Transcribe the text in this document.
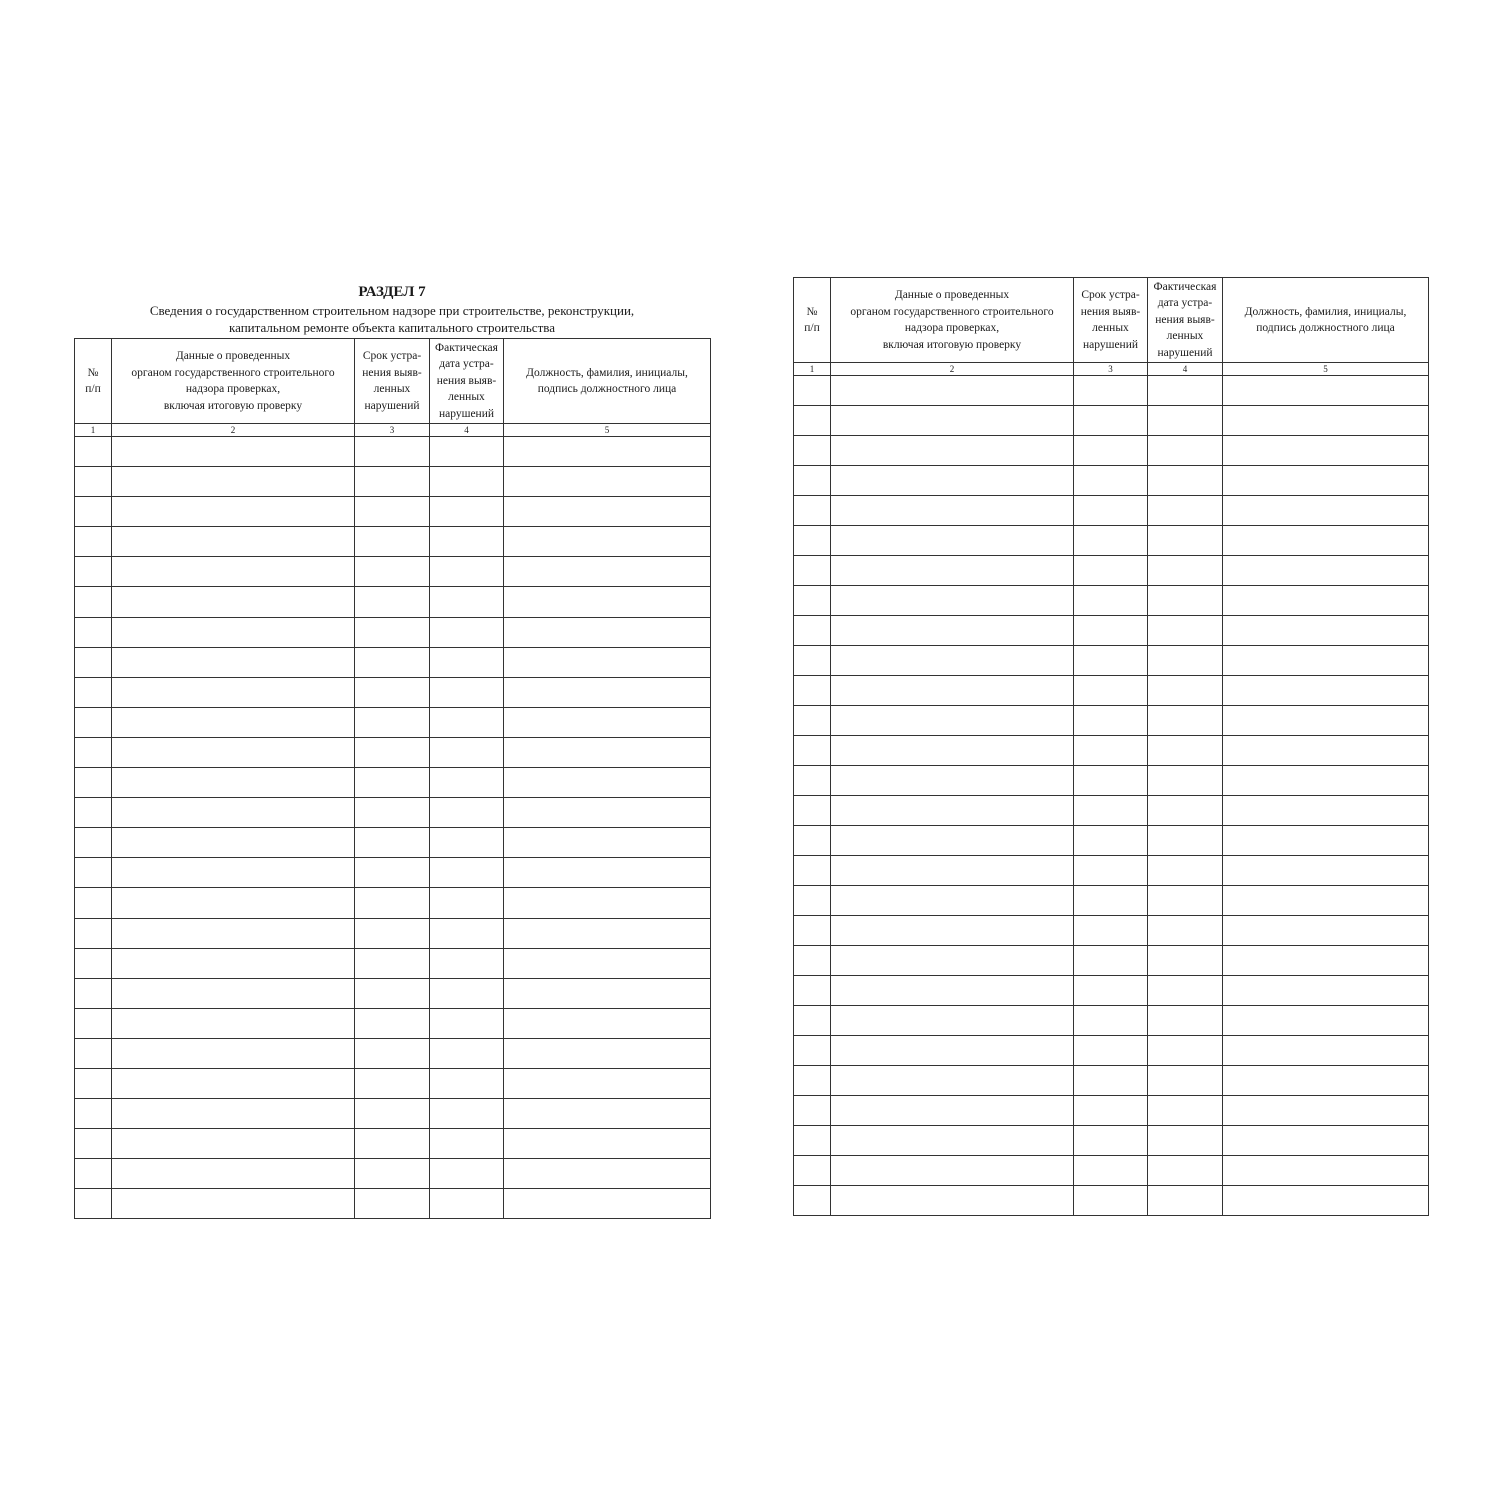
РАЗДЕЛ 7
Сведения о государственном строительном надзоре при строительстве, реконструкции,
капитальном ремонте объекта капитального строительства
№
п/п	Данные о проведенных
органом государственного строительного
надзора проверках,
включая итоговую проверку	Срок устра-
нения выяв-
ленных
нарушений	Фактическая
дата устра-
нения выяв-
ленных
нарушений	Должность, фамилия, инициалы,
подпись должностного лица
1	2	3	4	5

№
п/п	Данные о проведенных
органом государственного строительного
надзора проверках,
включая итоговую проверку	Срок устра-
нения выяв-
ленных
нарушений	Фактическая
дата устра-
нения выяв-
ленных
нарушений	Должность, фамилия, инициалы,
подпись должностного лица
1	2	3	4	5
